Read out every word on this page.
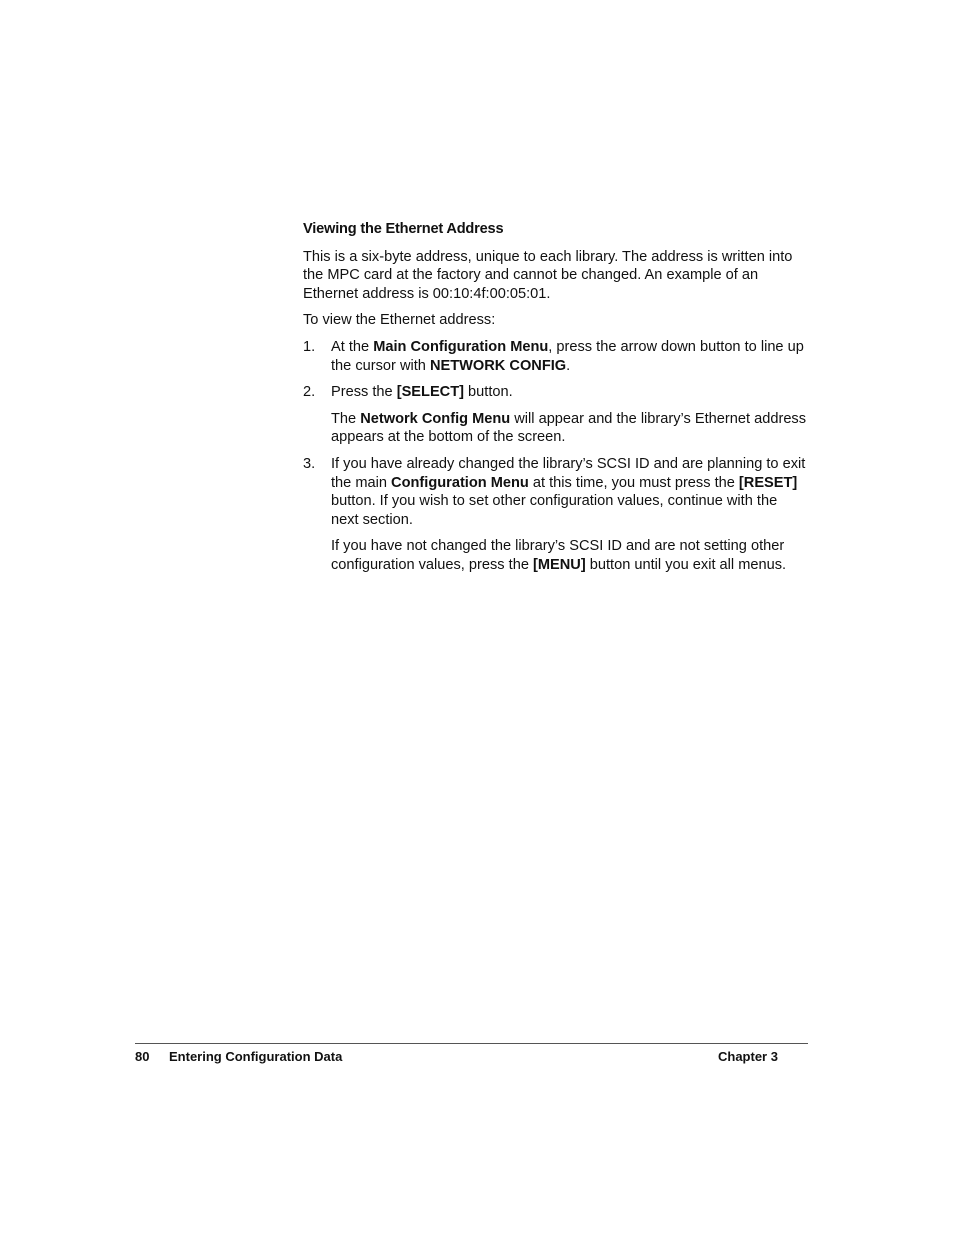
Viewing the Ethernet Address

This is a six-byte address, unique to each library. The address is written into the MPC card at the factory and cannot be changed. An example of an Ethernet address is 00:10:4f:00:05:01.

To view the Ethernet address:

1.	At the Main Configuration Menu, press the arrow down button to line up the cursor with NETWORK CONFIG.
2.	Press the [SELECT] button.

The Network Config Menu will appear and the library’s Ethernet address appears at the bottom of the screen.

3.	If you have already changed the library’s SCSI ID and are planning to exit the main Configuration Menu at this time, you must press the [RESET] button. If you wish to set other configuration values, continue with the next section.

If you have not changed the library’s SCSI ID and are not setting other configuration values, press the [MENU] button until you exit all menus.

80 Entering Configuration Data	Chapter 3
